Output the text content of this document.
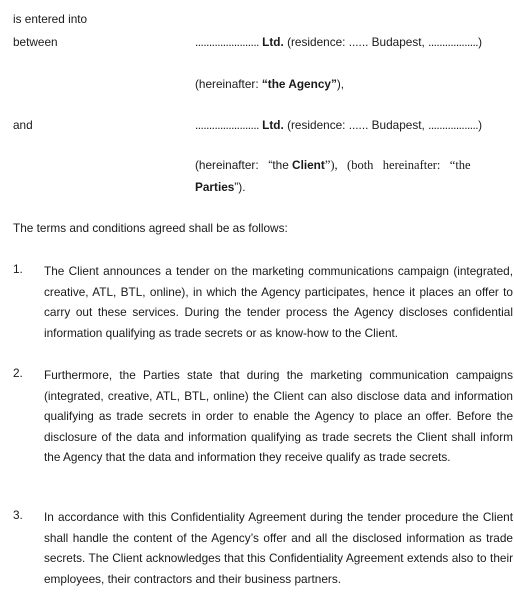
is entered into
between	....................... Ltd. (residence: ...... Budapest, ..................)
(hereinafter: “the Agency”),
and	....................... Ltd. (residence: ...... Budapest, ..................)
(hereinafter:   “the Client”),   (both   hereinafter:   “the
Parties”).
The terms and conditions agreed shall be as follows:
1. The Client announces a tender on the marketing communications campaign (integrated, creative, ATL, BTL, online), in which the Agency participates, hence it places an offer to carry out these services. During the tender process the Agency discloses confidential information qualifying as trade secrets or as know-how to the Client.
2. Furthermore, the Parties state that during the marketing communication campaigns (integrated, creative, ATL, BTL, online) the Client can also disclose data and information qualifying as trade secrets in order to enable the Agency to place an offer. Before the disclosure of the data and information qualifying as trade secrets the Client shall inform the Agency that the data and information they receive qualify as trade secrets.
3. In accordance with this Confidentiality Agreement during the tender procedure the Client shall handle the content of the Agency’s offer and all the disclosed information as trade secrets. The Client acknowledges that this Confidentiality Agreement extends also to their employees, their contractors and their business partners.
